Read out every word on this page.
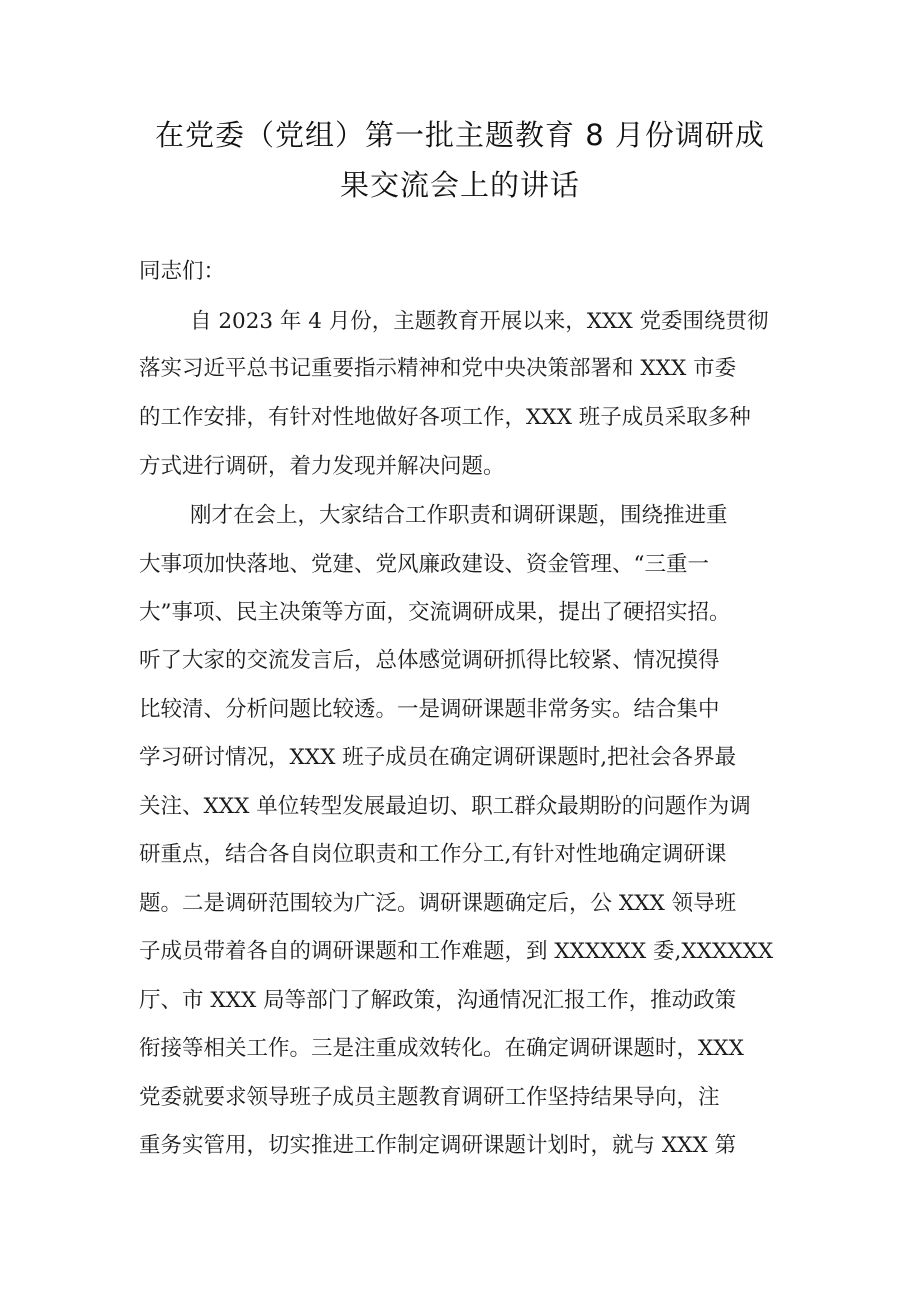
在党委（党组）第一批主题教育 8 月份调研成
果交流会上的讲话

同志们：

自 2023 年 4 月份，主题教育开展以来，XXX 党委围绕贯彻

落实习近平总书记重要指示精神和党中央决策部署和 XXX 市委

的工作安排，有针对性地做好各项工作，XXX 班子成员采取多种

方式进行调研，着力发现并解决问题。

刚才在会上，大家结合工作职责和调研课题，围绕推进重

大事项加快落地、党建、党风廉政建设、资金管理、“三重一

大”事项、民主决策等方面，交流调研成果，提出了硬招实招。

听了大家的交流发言后，总体感觉调研抓得比较紧、情况摸得

比较清、分析问题比较透。一是调研课题非常务实。结合集中

学习研讨情况，XXX 班子成员在确定调研课题时,把社会各界最

关注、XXX 单位转型发展最迫切、职工群众最期盼的问题作为调

研重点，结合各自岗位职责和工作分工,有针对性地确定调研课

题。二是调研范围较为广泛。调研课题确定后，公 XXX 领导班

子成员带着各自的调研课题和工作难题，到 XXXXXX 委,XXXXXX

厅、市 XXX 局等部门了解政策，沟通情况汇报工作，推动政策

衔接等相关工作。三是注重成效转化。在确定调研课题时，XXX

党委就要求领导班子成员主题教育调研工作坚持结果导向，注

重务实管用，切实推进工作制定调研课题计划时，就与 XXX 第
